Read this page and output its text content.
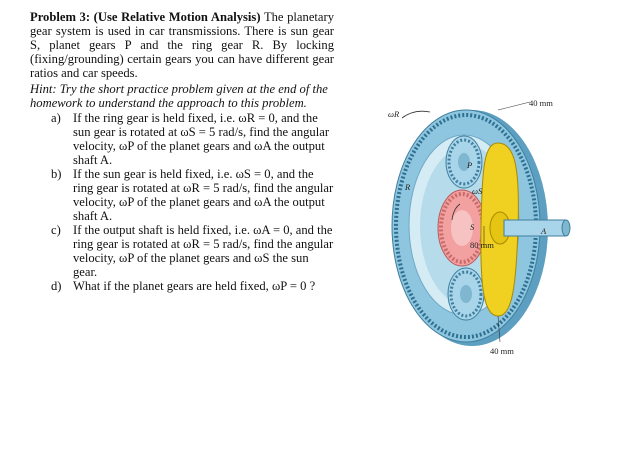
Problem 3: (Use Relative Motion Analysis) The planetary gear system is used in car transmissions. There is sun gear S, planet gears P and the ring gear R. By locking (fixing/grounding) certain gears you can have different gear ratios and car speeds.

Hint: Try the short practice problem given at the end of the homework to understand the approach to this problem.

a) If the ring gear is held fixed, i.e. ωR = 0, and the sun gear is rotated at ωS = 5 rad/s, find the angular velocity, ωP of the planet gears and ωA the output shaft A.
b) If the sun gear is held fixed, i.e. ωS = 0, and the ring gear is rotated at ωR = 5 rad/s, find the angular velocity, ωP of the planet gears and ωA the output shaft A.
c) If the output shaft is held fixed, i.e. ωA = 0, and the ring gear is rotated at ωR = 5 rad/s, find the angular velocity, ωP of the planet gears and ωS the sun gear.
d) What if the planet gears are held fixed, ωP = 0 ?
40 mm
ωR
R
P
ωS
S
80 mm
A
40 mm
